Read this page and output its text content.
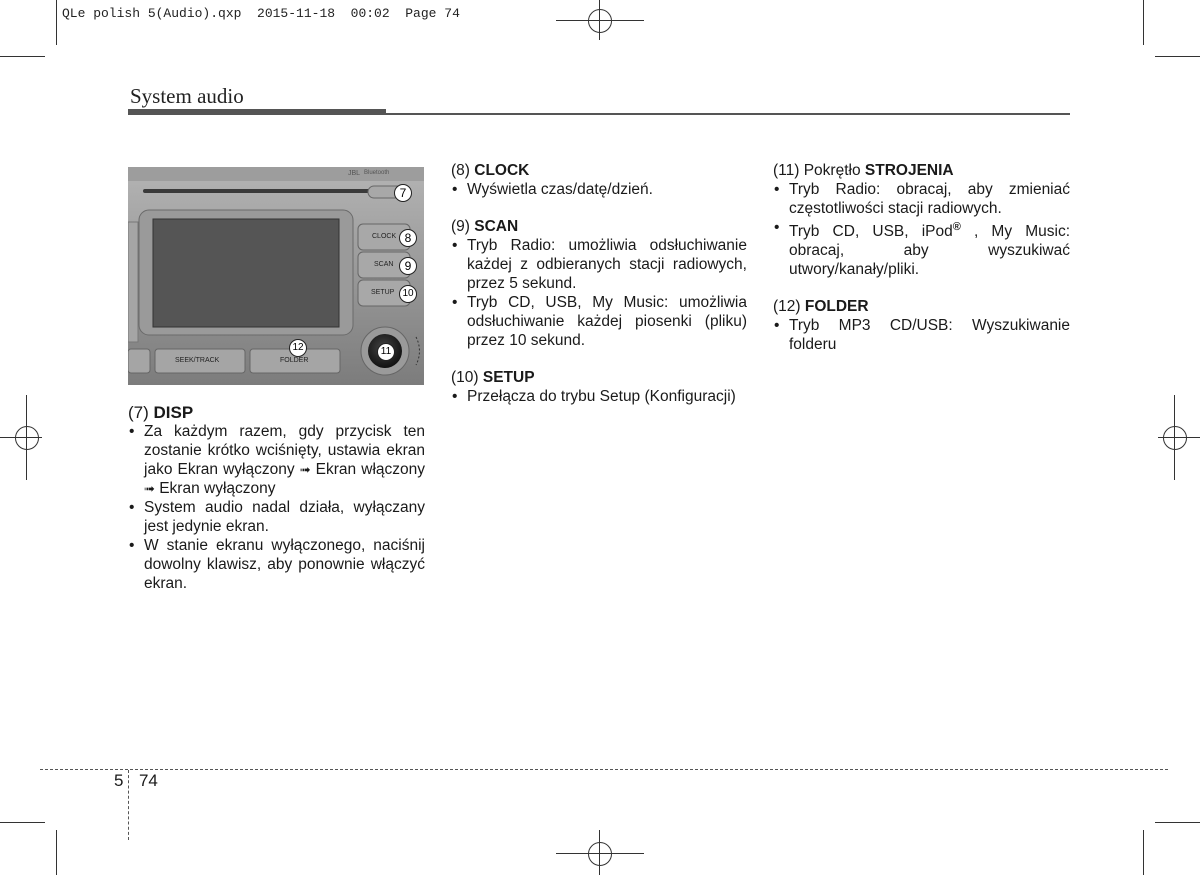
QLe polish 5(Audio).qxp  2015-11-18  00:02  Page 74
System audio
JBL Bluetooth
CLOCK
SCAN
SETUP
SEEK/TRACK	FOLDER
7
8
9
10
11
12
(7) DISP
• Za każdym razem, gdy przycisk ten zostanie krótko wciśnięty, ustawia ekran jako Ekran wyłączony ➟ Ekran włączony ➟ Ekran wyłączony
• System audio nadal działa, wyłączany jest jedynie ekran.
• W stanie ekranu wyłączonego, naciśnij dowolny klawisz, aby ponownie włączyć ekran.
(8) CLOCK
• Wyświetla czas/datę/dzień.
(9) SCAN
• Tryb Radio: umożliwia odsłuchiwanie każdej z odbieranych stacji radiowych, przez 5 sekund.
• Tryb CD, USB, My Music: umożliwia odsłuchiwanie każdej piosenki (pliku) przez 10 sekund.
(10) SETUP
• Przełącza do trybu Setup (Konfiguracji)
(11) Pokrętło STROJENIA
• Tryb Radio: obracaj, aby zmieniać częstotliwości stacji radiowych.
• Tryb CD, USB, iPod® , My Music: obracaj, aby wyszukiwać utwory/kanały/pliki.
(12) FOLDER
• Tryb MP3 CD/USB: Wyszukiwanie folderu
5 74
